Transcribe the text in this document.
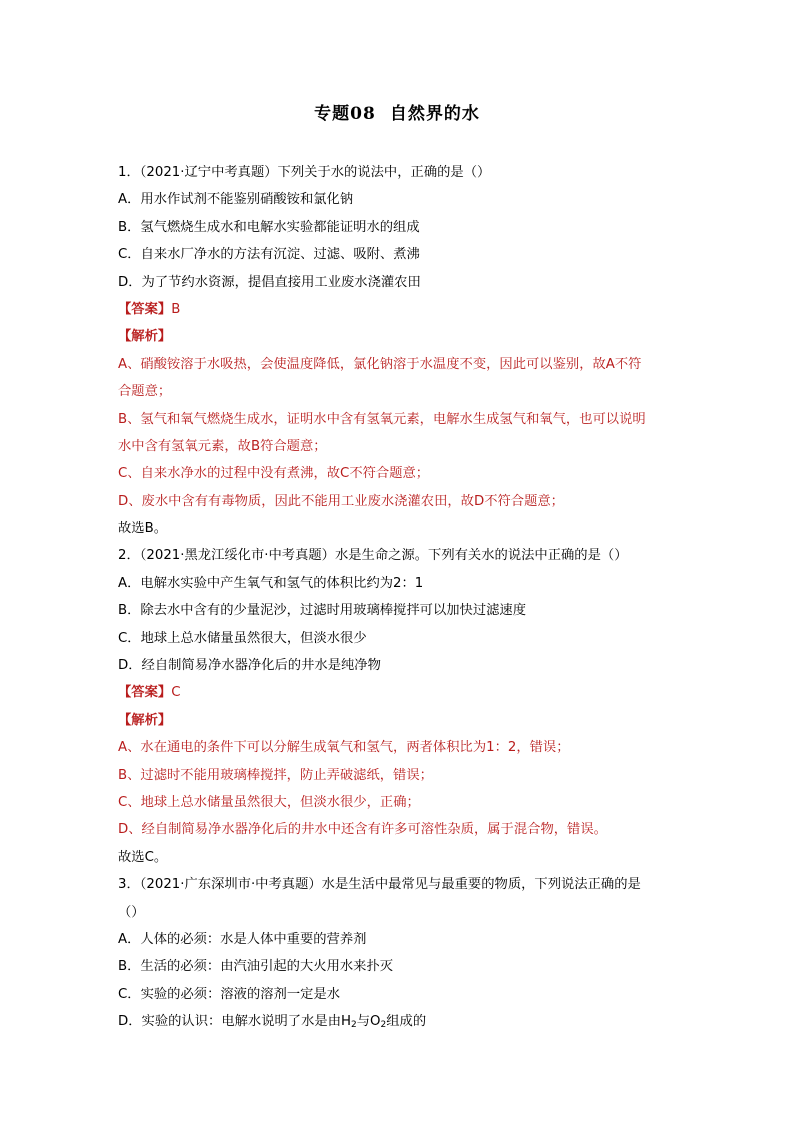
专题08 自然界的水
1．（2021·辽宁中考真题）下列关于水的说法中，正确的是（）
A．用水作试剂不能鉴别硝酸铵和氯化钠
B．氢气燃烧生成水和电解水实验都能证明水的组成
C．自来水厂净水的方法有沉淀、过滤、吸附、煮沸
D．为了节约水资源，提倡直接用工业废水浇灌农田
【答案】B
【解析】
A、硝酸铵溶于水吸热，会使温度降低，氯化钠溶于水温度不变，因此可以鉴别，故A不符
合题意；
B、氢气和氧气燃烧生成水，证明水中含有氢氧元素，电解水生成氢气和氧气，也可以说明
水中含有氢氧元素，故B符合题意；
C、自来水净水的过程中没有煮沸，故C不符合题意；
D、废水中含有有毒物质，因此不能用工业废水浇灌农田，故D不符合题意；
故选B。
2．（2021·黑龙江绥化市·中考真题）水是生命之源。下列有关水的说法中正确的是（）
A．电解水实验中产生氧气和氢气的体积比约为2：1
B．除去水中含有的少量泥沙，过滤时用玻璃棒搅拌可以加快过滤速度
C．地球上总水储量虽然很大，但淡水很少
D．经自制简易净水器净化后的井水是纯净物
【答案】C
【解析】
A、水在通电的条件下可以分解生成氧气和氢气，两者体积比为1：2，错误；
B、过滤时不能用玻璃棒搅拌，防止弄破滤纸，错误；
C、地球上总水储量虽然很大，但淡水很少，正确；
D、经自制简易净水器净化后的井水中还含有许多可溶性杂质，属于混合物，错误。
故选C。
3．（2021·广东深圳市·中考真题）水是生活中最常见与最重要的物质，下列说法正确的是
（）
A．人体的必须：水是人体中重要的营养剂
B．生活的必须：由汽油引起的大火用水来扑灭
C．实验的必须：溶液的溶剂一定是水
D．实验的认识：电解水说明了水是由$H_2$与$O_2$组成的
